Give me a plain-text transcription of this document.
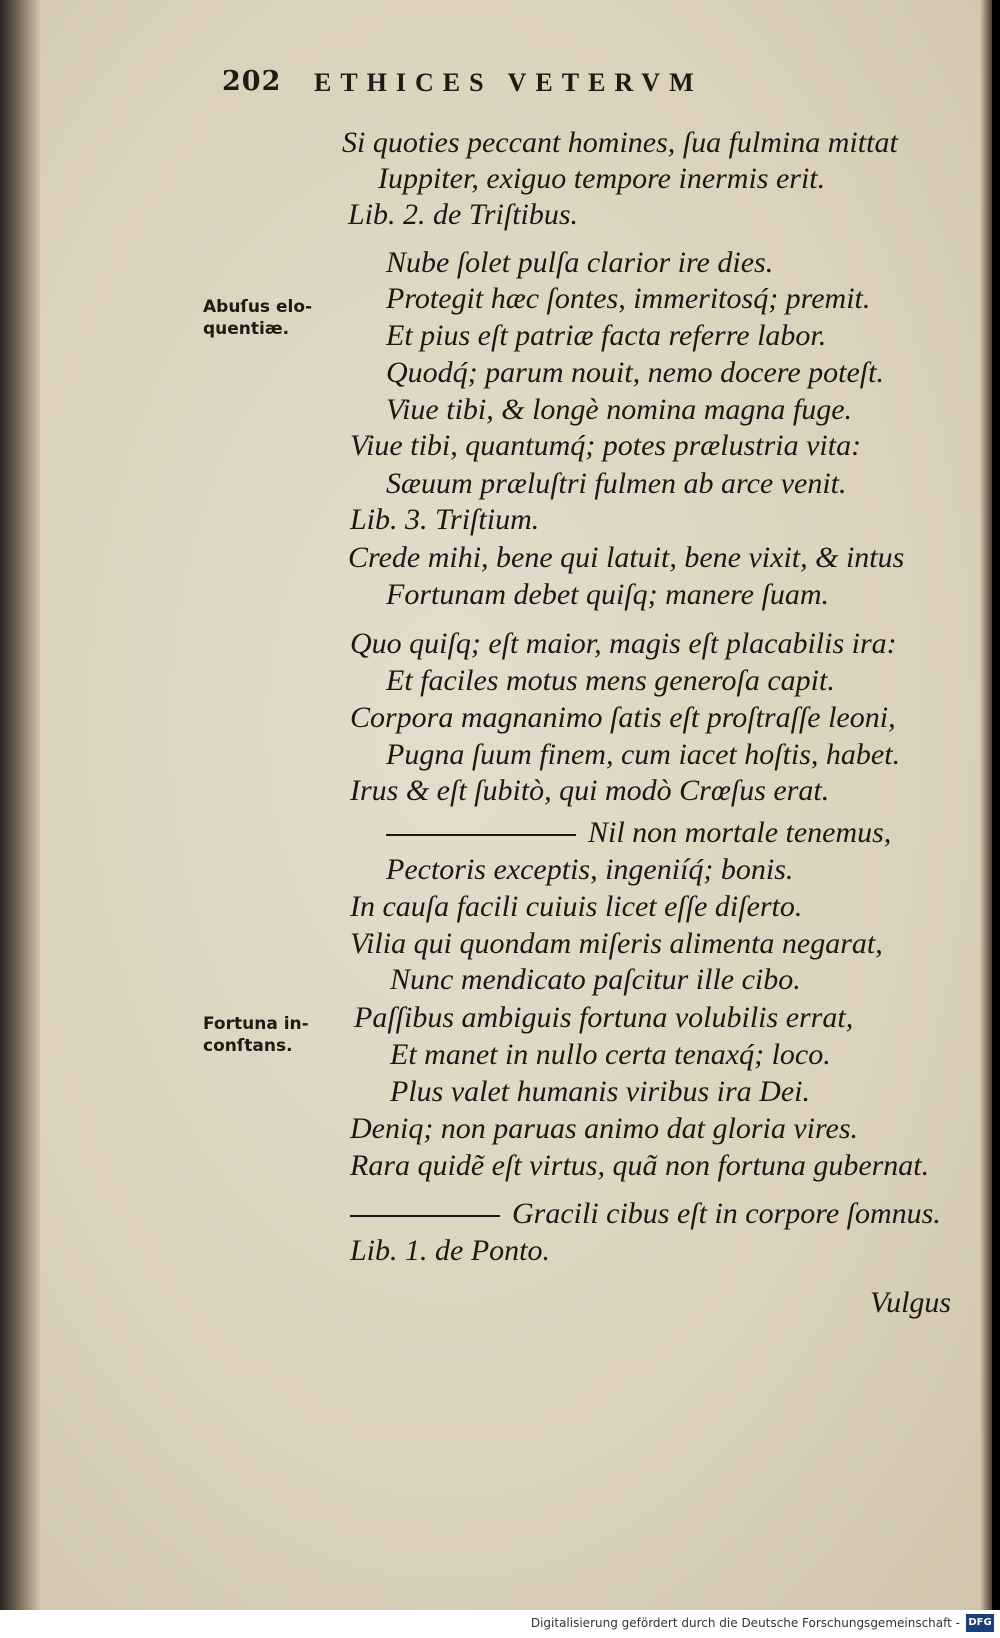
202 ETHICES VETERVM
Si quoties peccant homines, ſua fulmina mittat
Iuppiter, exiguo tempore inermis erit.
Lib. 2. de Triſtibus.
Nube ſolet pulſa clarior ire dies.
Protegit hæc ſontes, immeritosq́; premit.
Et pius eſt patriæ facta referre labor.
Quodq́; parum nouit, nemo docere poteſt.
Viue tibi, & longè nomina magna fuge.
Viue tibi, quantumq́; potes prælustria vita:
Sæuum præluſtri fulmen ab arce venit.
Lib. 3. Triſtium.
Crede mihi, bene qui latuit, bene vixit, & intus
Fortunam debet quiſq; manere ſuam.
Quo quiſq; eſt maior, magis eſt placabilis ira:
Et faciles motus mens generoſa capit.
Corpora magnanimo ſatis eſt proſtraſſe leoni,
Pugna ſuum finem, cum iacet hoſtis, habet.
Irus & eſt ſubitò, qui modò Crœſus erat.
Nil non mortale tenemus,
Pectoris exceptis, ingeniíq́; bonis.
In cauſa facili cuiuis licet eſſe diſerto.
Vilia qui quondam miſeris alimenta negarat,
Nunc mendicato paſcitur ille cibo.
Paſſibus ambiguis fortuna volubilis errat,
Et manet in nullo certa tenaxq́; loco.
Plus valet humanis viribus ira Dei.
Deniq; non paruas animo dat gloria vires.
Rara quidẽ eſt virtus, quã non fortuna gubernat.
Gracili cibus eſt in corpore ſomnus.
Lib. 1. de Ponto.
Vulgus
Abuſus elo-
quentiæ.
Fortuna in-
conſtans.
Digitalisierung gefördert durch die Deutsche Forschungsgemeinschaft - DFG
